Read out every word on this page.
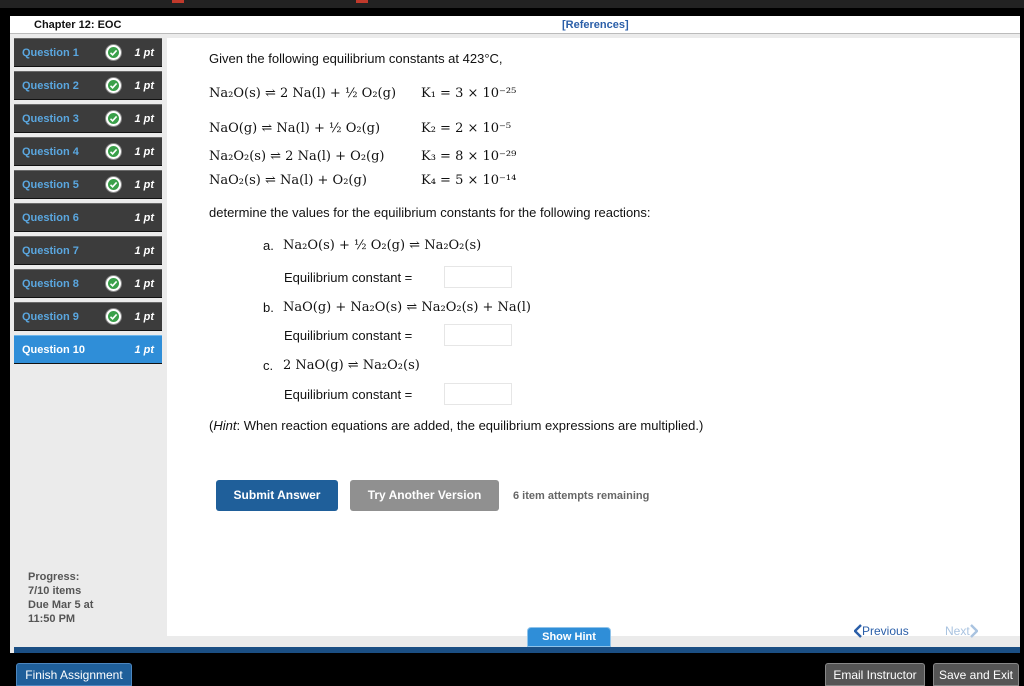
Chapter 12: EOC	[References]
Question 1	1 pt
Question 2	1 pt
Question 3	1 pt
Question 4	1 pt
Question 5	1 pt
Question 6	1 pt
Question 7	1 pt
Question 8	1 pt
Question 9	1 pt
Question 10	1 pt
Progress:
7/10 items
Due Mar 5 at
11:50 PM
Given the following equilibrium constants at 423°C,
Na₂O(s) ⇌ 2 Na(l) + ½ O₂(g) K₁ = 3 × 10⁻²⁵
NaO(g) ⇌ Na(l) + ½ O₂(g)	K₂ = 2 × 10⁻⁵
Na₂O₂(s) ⇌ 2 Na(l) + O₂(g)	K₃ = 8 × 10⁻²⁹
NaO₂(s) ⇌ Na(l) + O₂(g)	K₄ = 5 × 10⁻¹⁴
determine the values for the equilibrium constants for the following reactions:
a. Na₂O(s) + ½ O₂(g) ⇌ Na₂O₂(s)
Equilibrium constant =
b. NaO(g) + Na₂O(s) ⇌ Na₂O₂(s) + Na(l)
Equilibrium constant =
c. 2 NaO(g) ⇌ Na₂O₂(s)
Equilibrium constant =
(Hint: When reaction equations are added, the equilibrium expressions are multiplied.)
Submit Answer	Try Another Version	6 item attempts remaining
Previous	Next
Show Hint
Finish Assignment	Email Instructor	Save and Exit
